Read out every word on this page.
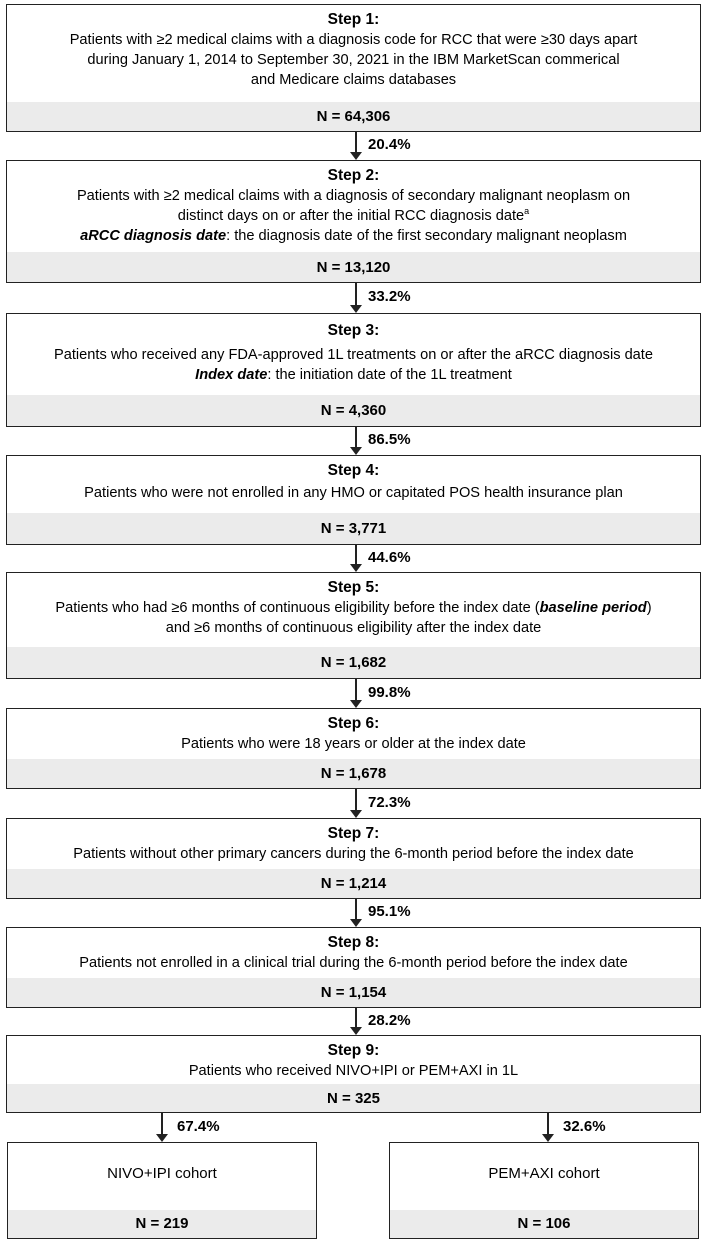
Step 1:
Patients with ≥2 medical claims with a diagnosis code for RCC that were ≥30 days apart
during January 1, 2014 to September 30, 2021 in the IBM MarketScan commerical
and Medicare claims databases
N = 64,306
20.4%
Step 2:
Patients with ≥2 medical claims with a diagnosis of secondary malignant neoplasm on
distinct days on or after the initial RCC diagnosis date$^a$
aRCC diagnosis date: the diagnosis date of the first secondary malignant neoplasm
N = 13,120
33.2%
Step 3:
Patients who received any FDA-approved 1L treatments on or after the aRCC diagnosis date
Index date: the initiation date of the 1L treatment
N = 4,360
86.5%
Step 4:
Patients who were not enrolled in any HMO or capitated POS health insurance plan
N = 3,771
44.6%
Step 5:
Patients who had ≥6 months of continuous eligibility before the index date (baseline period)
and ≥6 months of continuous eligibility after the index date
N = 1,682
99.8%
Step 6:
Patients who were 18 years or older at the index date
N = 1,678
72.3%
Step 7:
Patients without other primary cancers during the 6-month period before the index date
N = 1,214
95.1%
Step 8:
Patients not enrolled in a clinical trial during the 6-month period before the index date
N = 1,154
28.2%
Step 9:
Patients who received NIVO+IPI or PEM+AXI in 1L
N = 325
67.4%	32.6%
NIVO+IPI cohort
N = 219
PEM+AXI cohort
N = 106
